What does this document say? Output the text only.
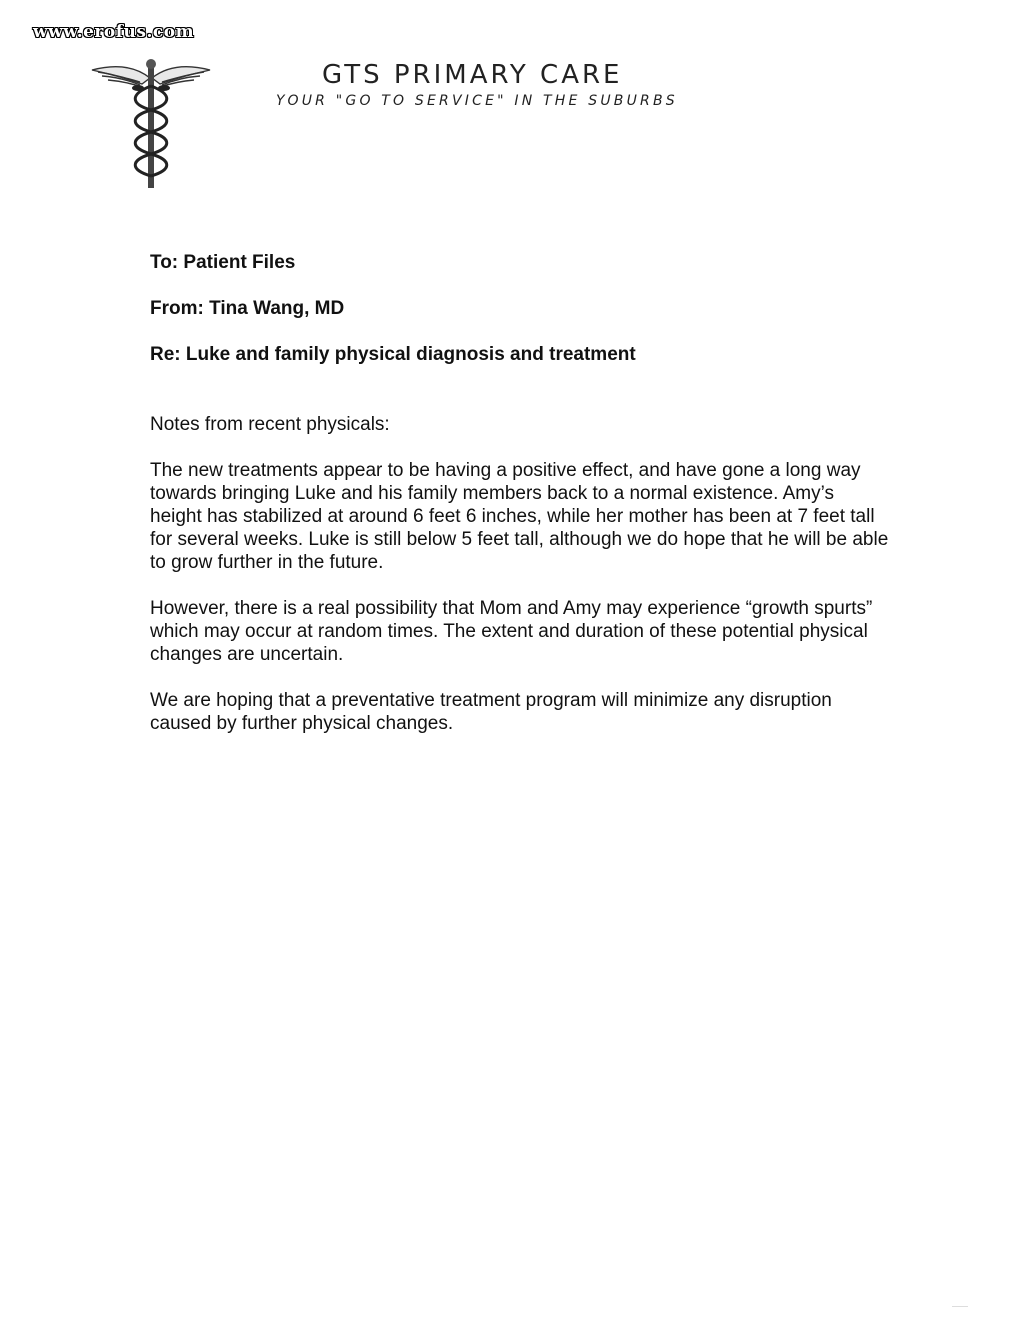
www.erofus.com
GTS PRIMARY CARE
YOUR "GO TO SERVICE" IN THE SUBURBS
To: Patient Files
From: Tina Wang, MD
Re: Luke and family physical diagnosis and treatment

Notes from recent physicals:

The new treatments appear to be having a positive effect, and have gone a long way towards bringing Luke and his family members back to a normal existence. Amy’s height has stabilized at around 6 feet 6 inches, while her mother has been at 7 feet tall for several weeks. Luke is still below 5 feet tall, although we do hope that he will be able to grow further in the future.

However, there is a real possibility that Mom and Amy may experience “growth spurts” which may occur at random times. The extent and duration of these potential physical changes are uncertain.

We are hoping that a preventative treatment program will minimize any disruption caused by further physical changes.
